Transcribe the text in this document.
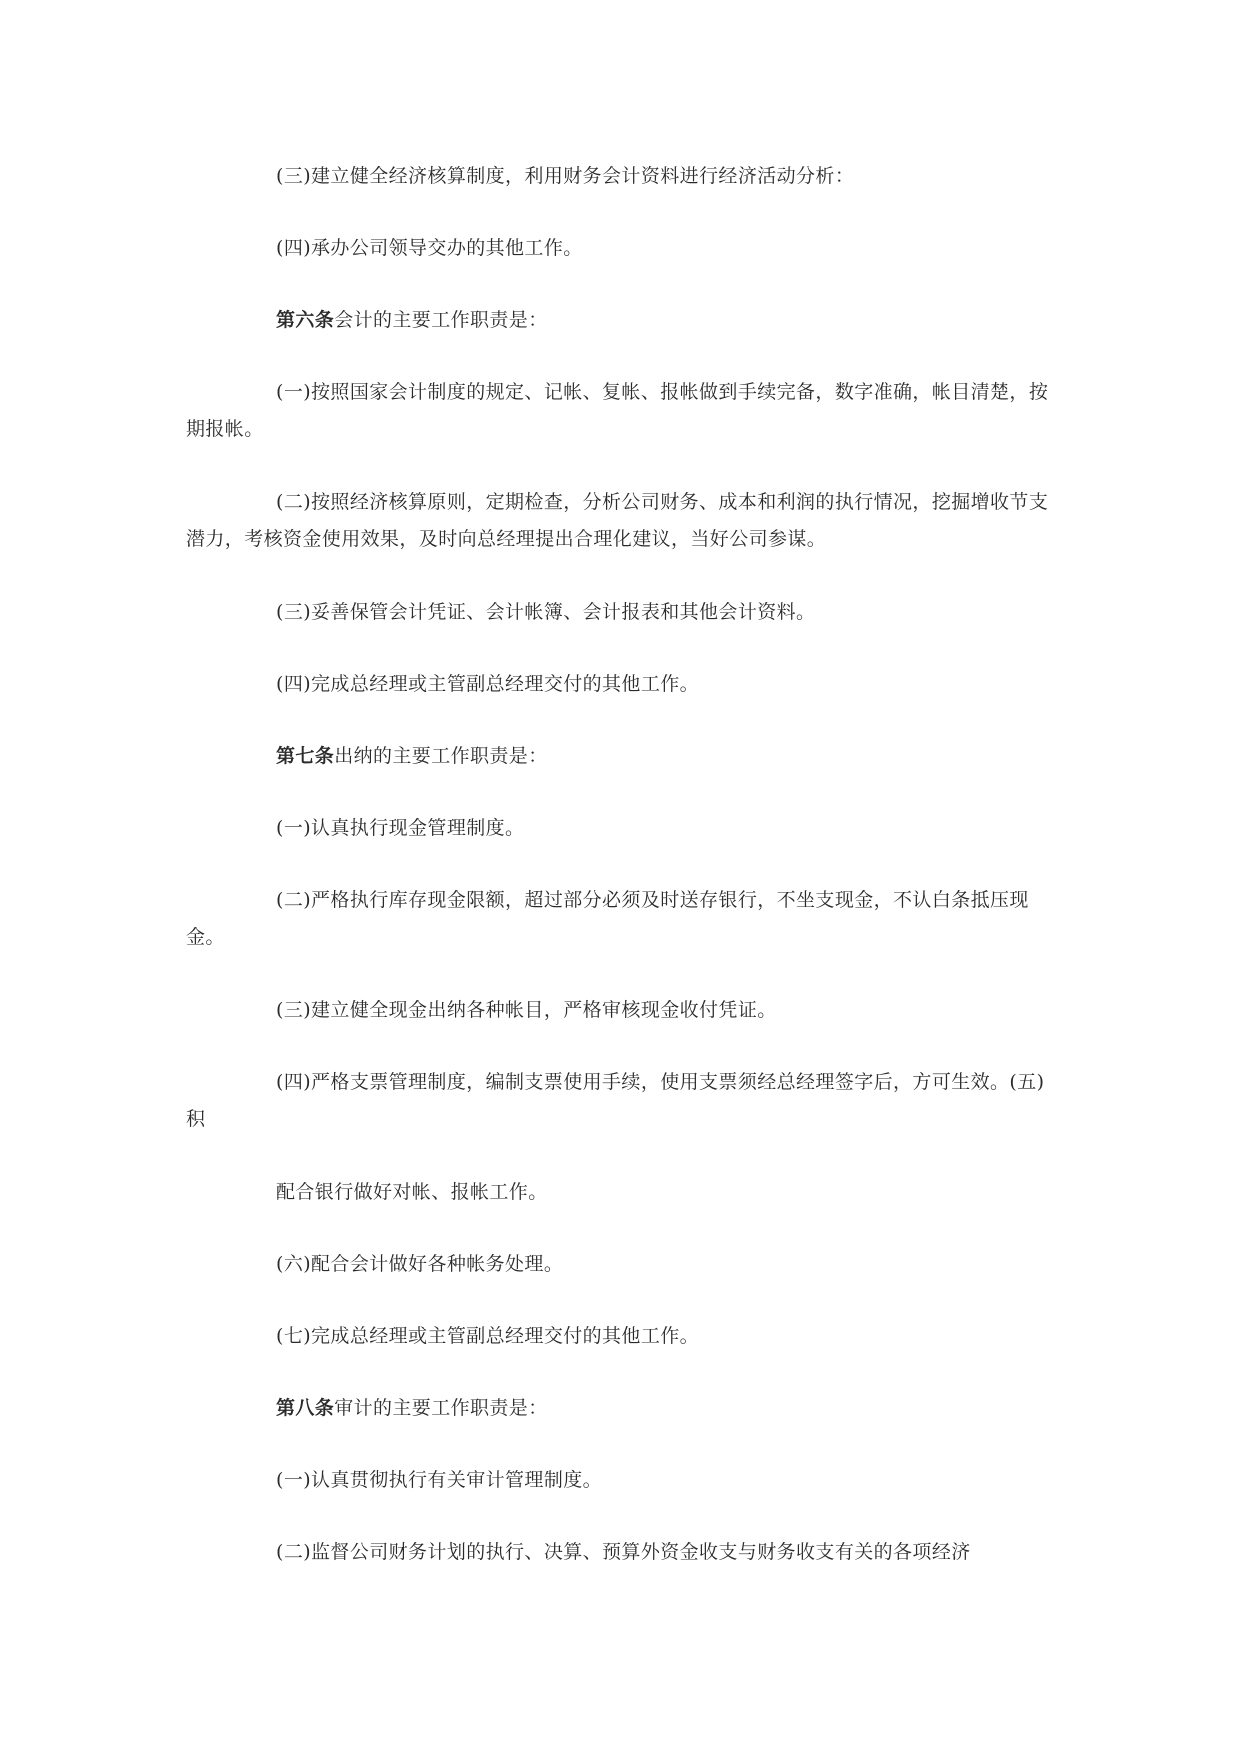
(三)建立健全经济核算制度，利用财务会计资料进行经济活动分析：

(四)承办公司领导交办的其他工作。

第六条会计的主要工作职责是：

(一)按照国家会计制度的规定、记帐、复帐、报帐做到手续完备，数字准确，帐目清楚，按期报帐。

(二)按照经济核算原则，定期检查，分析公司财务、成本和利润的执行情况，挖掘增收节支潜力，考核资金使用效果，及时向总经理提出合理化建议，当好公司参谋。

(三)妥善保管会计凭证、会计帐簿、会计报表和其他会计资料。

(四)完成总经理或主管副总经理交付的其他工作。

第七条出纳的主要工作职责是：

(一)认真执行现金管理制度。

(二)严格执行库存现金限额，超过部分必须及时送存银行，不坐支现金，不认白条抵压现金。

(三)建立健全现金出纳各种帐目，严格审核现金收付凭证。

(四)严格支票管理制度，编制支票使用手续，使用支票须经总经理签字后，方可生效。(五)积

配合银行做好对帐、报帐工作。

(六)配合会计做好各种帐务处理。

(七)完成总经理或主管副总经理交付的其他工作。

第八条审计的主要工作职责是：

(一)认真贯彻执行有关审计管理制度。

(二)监督公司财务计划的执行、决算、预算外资金收支与财务收支有关的各项经济
